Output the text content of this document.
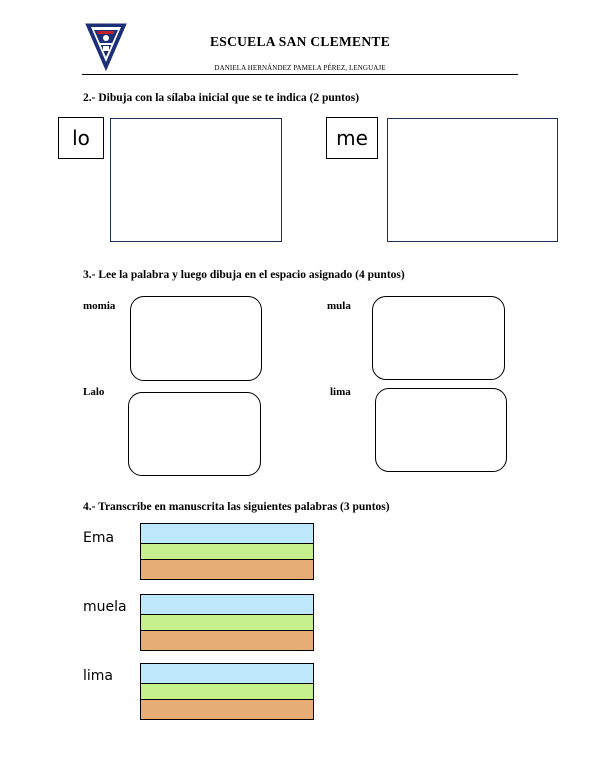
ESCUELA SAN CLEMENTE
DANIELA HERNÁNDEZ PAMELA PÉREZ, LENGUAJE
2.- Dibuja con la sílaba inicial que se te indica (2 puntos)
lo	me
3.- Lee la palabra y luego dibuja en el espacio asignado (4 puntos)
momia	mula
Lalo	lima
4.- Transcribe en manuscrita las siguientes palabras (3 puntos)
Ema
muela
lima
